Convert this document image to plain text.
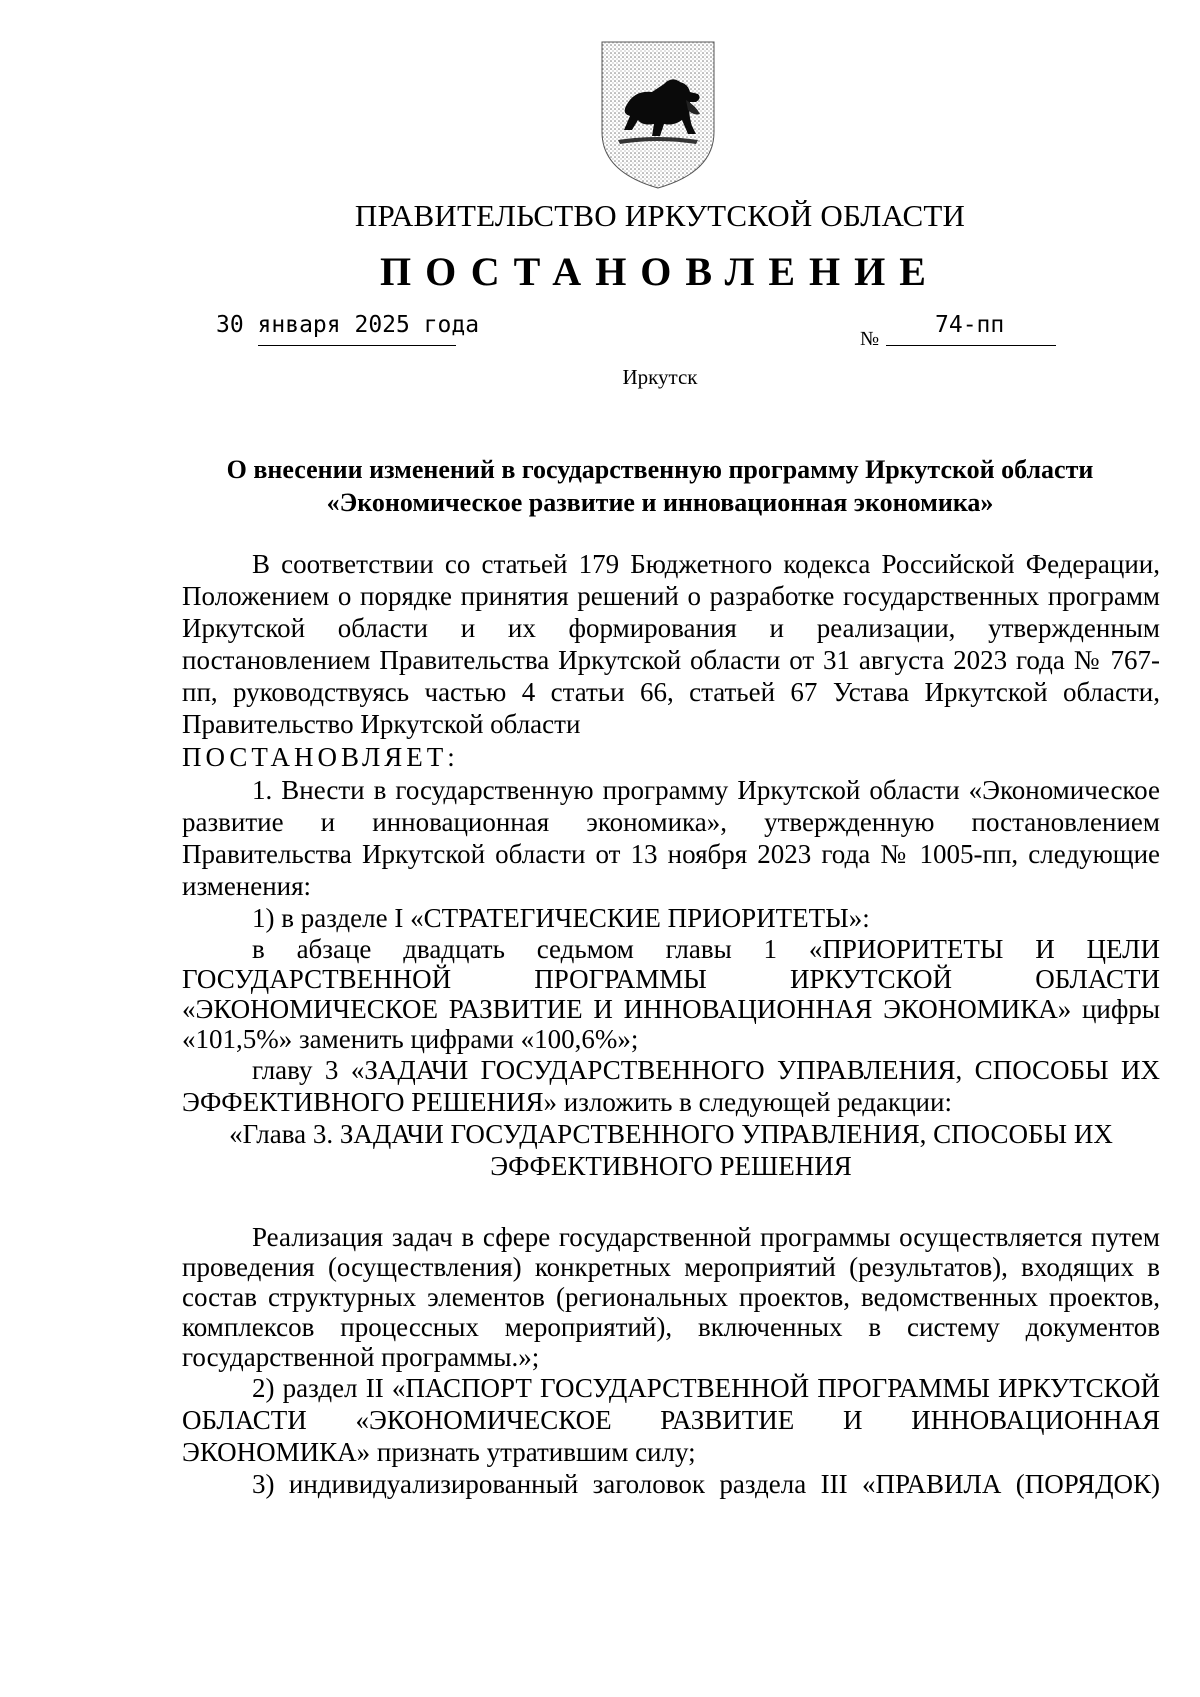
ПРАВИТЕЛЬСТВО ИРКУТСКОЙ ОБЛАСТИ
ПОСТАНОВЛЕНИЕ
30 января 2025 года
№
74-пп
Иркутск
О внесении изменений в государственную программу Иркутской области
«Экономическое развитие и инновационная экономика»

В соответствии со статьей 179 Бюджетного кодекса Российской Федерации, Положением о порядке принятия решений о разработке государственных программ Иркутской области и их формирования и реализации, утвержденным постановлением Правительства Иркутской области от 31 августа 2023 года № 767-пп, руководствуясь частью 4 статьи 66, статьей 67 Устава Иркутской области, Правительство Иркутской области

ПОСТАНОВЛЯЕТ:

1. Внести в государственную программу Иркутской области «Экономическое развитие и инновационная экономика», утвержденную постановлением Правительства Иркутской области от 13 ноября 2023 года № 1005-пп, следующие изменения:

1) в разделе I «СТРАТЕГИЧЕСКИЕ ПРИОРИТЕТЫ»:

в абзаце двадцать седьмом главы 1 «ПРИОРИТЕТЫ И ЦЕЛИ ГОСУДАРСТВЕННОЙ ПРОГРАММЫ ИРКУТСКОЙ ОБЛАСТИ «ЭКОНОМИЧЕСКОЕ РАЗВИТИЕ И ИННОВАЦИОННАЯ ЭКОНОМИКА» цифры «101,5%» заменить цифрами «100,6%»;

главу 3 «ЗАДАЧИ ГОСУДАРСТВЕННОГО УПРАВЛЕНИЯ, СПОСОБЫ ИХ ЭФФЕКТИВНОГО РЕШЕНИЯ» изложить в следующей редакции:

«Глава 3. ЗАДАЧИ ГОСУДАРСТВЕННОГО УПРАВЛЕНИЯ, СПОСОБЫ ИХ

ЭФФЕКТИВНОГО РЕШЕНИЯ

Реализация задач в сфере государственной программы осуществляется путем проведения (осуществления) конкретных мероприятий (результатов), входящих в состав структурных элементов (региональных проектов, ведомственных проектов, комплексов процессных мероприятий), включенных в систему документов государственной программы.»;

2) раздел II «ПАСПОРТ ГОСУДАРСТВЕННОЙ ПРОГРАММЫ ИРКУТСКОЙ ОБЛАСТИ «ЭКОНОМИЧЕСКОЕ РАЗВИТИЕ И ИННОВАЦИОННАЯ ЭКОНОМИКА» признать утратившим силу;

3) индивидуализированный заголовок раздела III «ПРАВИЛА (ПОРЯДОК)
